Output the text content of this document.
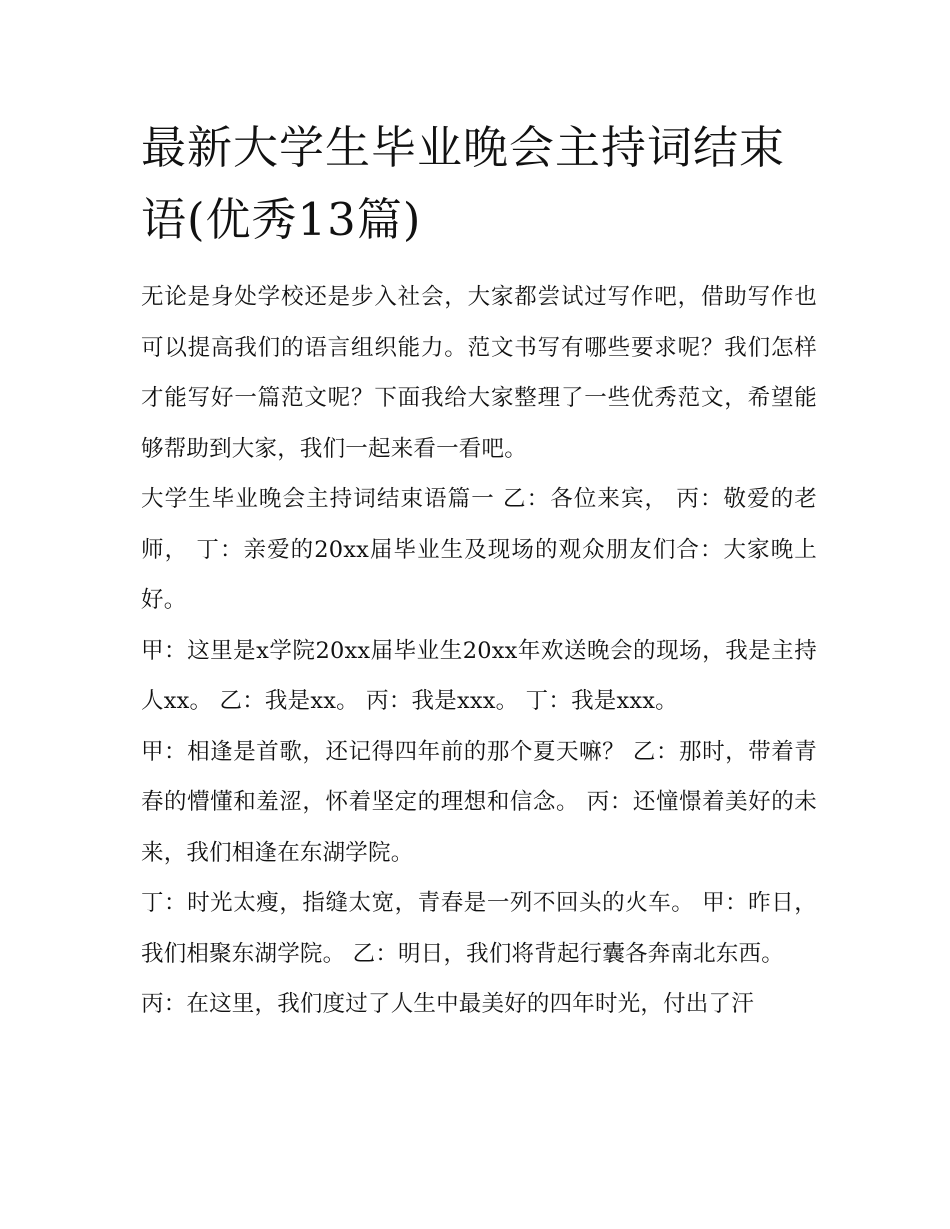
最新大学生毕业晚会主持词结束语(优秀13篇)

无论是身处学校还是步入社会，大家都尝试过写作吧，借助写作也可以提高我们的语言组织能力。范文书写有哪些要求呢？我们怎样才能写好一篇范文呢？下面我给大家整理了一些优秀范文，希望能够帮助到大家，我们一起来看一看吧。

大学生毕业晚会主持词结束语篇一 乙：各位来宾， 丙：敬爱的老师， 丁：亲爱的20xx届毕业生及现场的观众朋友们合：大家晚上好。

甲：这里是x学院20xx届毕业生20xx年欢送晚会的现场，我是主持人xx。 乙：我是xx。 丙：我是xxx。 丁：我是xxx。

甲：相逢是首歌，还记得四年前的那个夏天嘛？ 乙：那时，带着青春的懵懂和羞涩，怀着坚定的理想和信念。 丙：还憧憬着美好的未来，我们相逢在东湖学院。

丁：时光太瘦，指缝太宽，青春是一列不回头的火车。 甲：昨日，我们相聚东湖学院。 乙：明日，我们将背起行囊各奔南北东西。

丙：在这里，我们度过了人生中最美好的四年时光，付出了汗
